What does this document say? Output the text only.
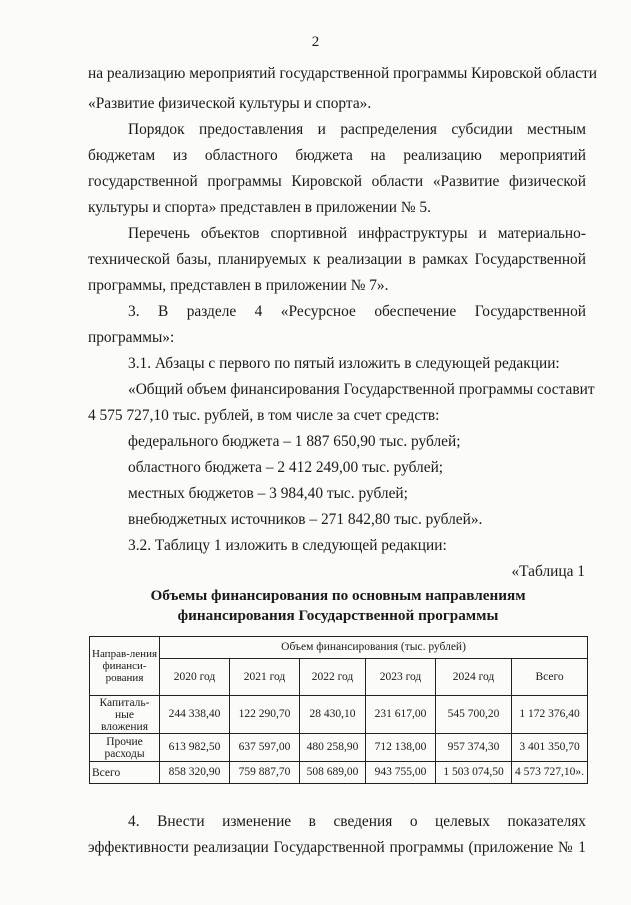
2
на реализацию мероприятий государственной программы Кировской области
«Развитие физической культуры и спорта».
Порядок предоставления и распределения субсидии местным
бюджетам из областного бюджета на реализацию мероприятий
государственной программы Кировской области «Развитие физической
культуры и спорта» представлен в приложении № 5.
Перечень объектов спортивной инфраструктуры и материально-
технической базы, планируемых к реализации в рамках Государственной
программы, представлен в приложении № 7».
3. В разделе 4 «Ресурсное обеспечение Государственной
программы»:
3.1. Абзацы с первого по пятый изложить в следующей редакции:
«Общий объем финансирования Государственной программы составит
4 575 727,10 тыс. рублей, в том числе за счет средств:
федерального бюджета – 1 887 650,90 тыс. рублей;
областного бюджета – 2 412 249,00 тыс. рублей;
местных бюджетов – 3 984,40 тыс. рублей;
внебюджетных источников – 271 842,80 тыс. рублей».
3.2. Таблицу 1 изложить в следующей редакции:
«Таблица 1
Объемы финансирования по основным направлениям
финансирования Государственной программы
Направ-ления финанси-рования	Объем финансирования (тыс. рублей)					
	2020 год	2021 год	2022 год	2023 год	2024 год	Всего
Капиталь-ные вложения	244 338,40	122 290,70	28 430,10	231 617,00	545 700,20	1 172 376,40
Прочие расходы	613 982,50	637 597,00	480 258,90	712 138,00	957 374,30	3 401 350,70
Всего	858 320,90	759 887,70	508 689,00	943 755,00	1 503 074,50	4 573 727,10».
4. Внести изменение в сведения о целевых показателях
эффективности реализации Государственной программы (приложение № 1
